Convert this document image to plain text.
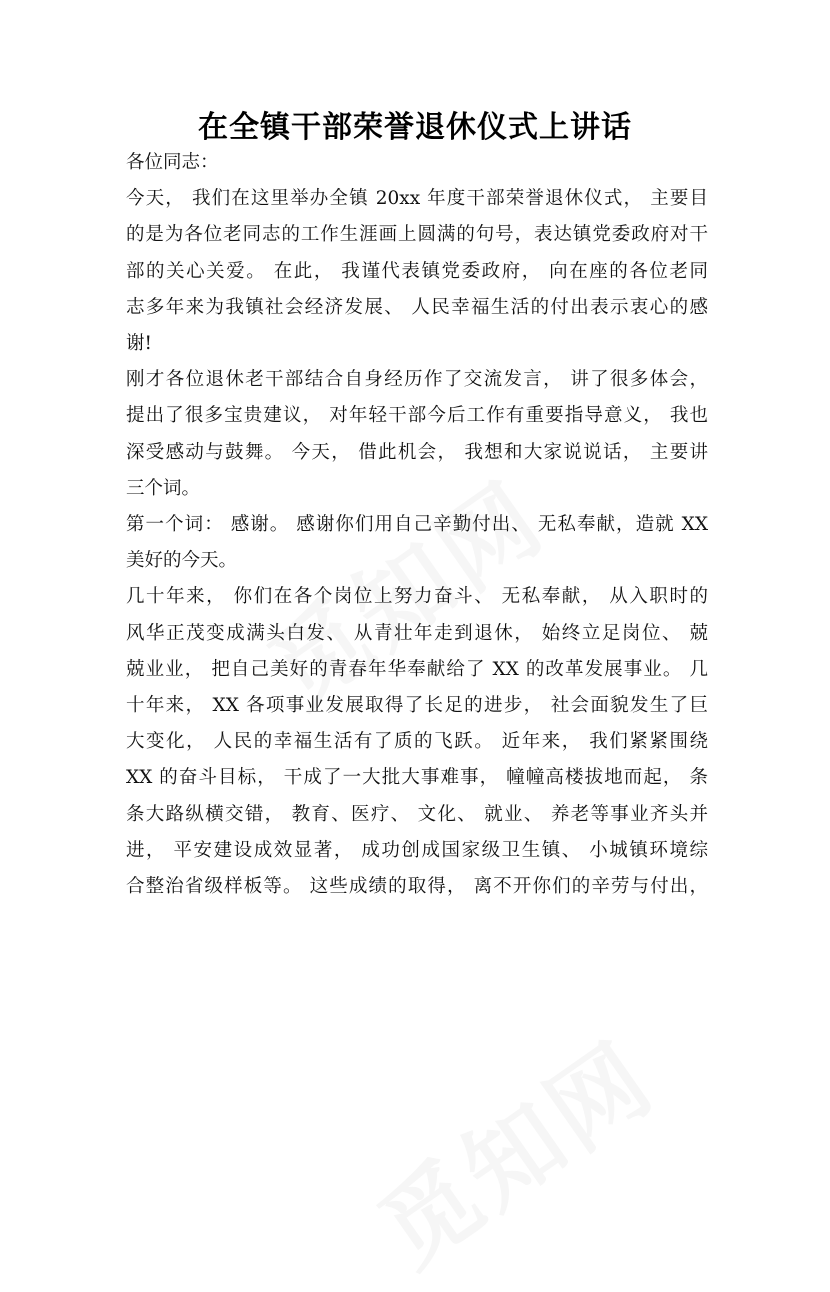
在全镇干部荣誉退休仪式上讲话
各位同志：
今天， 我们在这里举办全镇 20xx 年度干部荣誉退休仪式， 主要目
的是为各位老同志的工作生涯画上圆满的句号，表达镇党委政府对干
部的关心关爱。 在此， 我谨代表镇党委政府， 向在座的各位老同
志多年来为我镇社会经济发展、 人民幸福生活的付出表示衷心的感
谢!
刚才各位退休老干部结合自身经历作了交流发言， 讲了很多体会，
提出了很多宝贵建议， 对年轻干部今后工作有重要指导意义， 我也
深受感动与鼓舞。 今天， 借此机会， 我想和大家说说话， 主要讲
三个词。
第一个词： 感谢。 感谢你们用自己辛勤付出、 无私奉献，造就 XX
美好的今天。
几十年来， 你们在各个岗位上努力奋斗、 无私奉献， 从入职时的
风华正茂变成满头白发、 从青壮年走到退休， 始终立足岗位、 兢
兢业业， 把自己美好的青春年华奉献给了 XX 的改革发展事业。 几
十年来， XX 各项事业发展取得了长足的进步， 社会面貌发生了巨
大变化， 人民的幸福生活有了质的飞跃。 近年来， 我们紧紧围绕
XX 的奋斗目标， 干成了一大批大事难事， 幢幢高楼拔地而起， 条
条大路纵横交错， 教育、医疗、 文化、 就业、 养老等事业齐头并
进， 平安建设成效显著， 成功创成国家级卫生镇、 小城镇环境综
合整治省级样板等。 这些成绩的取得， 离不开你们的辛劳与付出，
